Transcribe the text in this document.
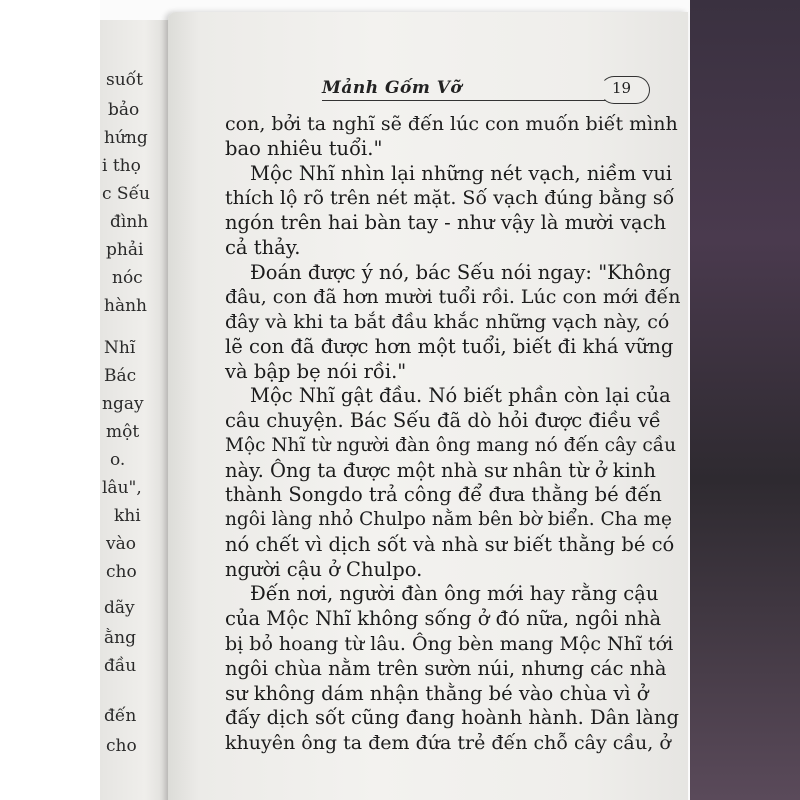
suốt
bảo
hứng
i thọ
c Sếu
đình
phải
nóc
hành
Nhĩ
Bác
ngay
một
o.
lâu",
khi
vào
cho
dãy
ằng
đầu
đến
cho
Mảnh Gốm Vỡ	19
con, bởi ta nghĩ sẽ đến lúc con muốn biết mình
bao nhiêu tuổi."
Mộc Nhĩ nhìn lại những nét vạch, niềm vui
thích lộ rõ trên nét mặt. Số vạch đúng bằng số
ngón trên hai bàn tay - như vậy là mười vạch
cả thảy.
Đoán được ý nó, bác Sếu nói ngay: "Không
đâu, con đã hơn mười tuổi rồi. Lúc con mới đến
đây và khi ta bắt đầu khắc những vạch này, có
lẽ con đã được hơn một tuổi, biết đi khá vững
và bập bẹ nói rồi."
Mộc Nhĩ gật đầu. Nó biết phần còn lại của
câu chuyện. Bác Sếu đã dò hỏi được điều về
Mộc Nhĩ từ người đàn ông mang nó đến cây cầu
này. Ông ta được một nhà sư nhân từ ở kinh
thành Songdo trả công để đưa thằng bé đến
ngôi làng nhỏ Chulpo nằm bên bờ biển. Cha mẹ
nó chết vì dịch sốt và nhà sư biết thằng bé có
người cậu ở Chulpo.
Đến nơi, người đàn ông mới hay rằng cậu
của Mộc Nhĩ không sống ở đó nữa, ngôi nhà
bị bỏ hoang từ lâu. Ông bèn mang Mộc Nhĩ tới
ngôi chùa nằm trên sườn núi, nhưng các nhà
sư không dám nhận thằng bé vào chùa vì ở
đấy dịch sốt cũng đang hoành hành. Dân làng
khuyên ông ta đem đứa trẻ đến chỗ cây cầu, ở
